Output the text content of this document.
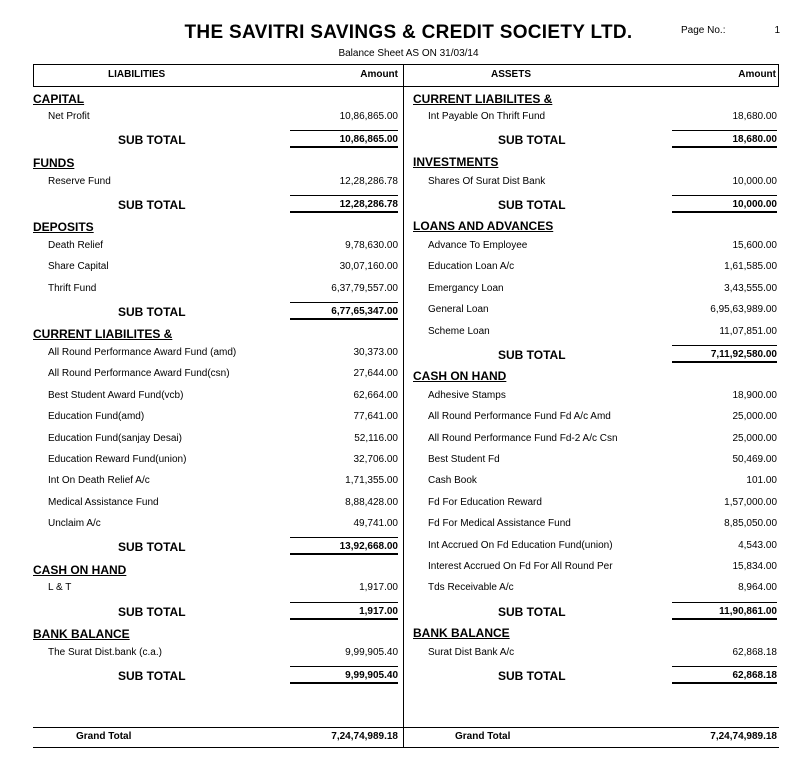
THE SAVITRI SAVINGS & CREDIT SOCIETY LTD.
Balance Sheet AS ON 31/03/14
Page No.:	1
LIABILITIES	Amount	ASSETS	Amount
CAPITAL
Net Profit	10,86,865.00
SUB TOTAL	10,86,865.00
FUNDS
Reserve Fund	12,28,286.78
SUB TOTAL	12,28,286.78
DEPOSITS
Death Relief	9,78,630.00
Share Capital	30,07,160.00
Thrift Fund	6,37,79,557.00
SUB TOTAL	6,77,65,347.00
CURRENT LIABILITES &
All Round Performance Award Fund (amd)	30,373.00
All Round Performance Award Fund(csn)	27,644.00
Best Student Award Fund(vcb)	62,664.00
Education Fund(amd)	77,641.00
Education Fund(sanjay Desai)	52,116.00
Education Reward Fund(union)	32,706.00
Int On Death Relief A/c	1,71,355.00
Medical Assistance Fund	8,88,428.00
Unclaim A/c	49,741.00
SUB TOTAL	13,92,668.00
CASH ON HAND
L & T	1,917.00
SUB TOTAL	1,917.00
BANK BALANCE
The Surat Dist.bank (c.a.)	9,99,905.40
SUB TOTAL	9,99,905.40
CURRENT LIABILITES &
Int Payable On Thrift Fund	18,680.00
SUB TOTAL	18,680.00
INVESTMENTS
Shares Of Surat Dist Bank	10,000.00
SUB TOTAL	10,000.00
LOANS AND ADVANCES
Advance To Employee	15,600.00
Education Loan A/c	1,61,585.00
Emergancy Loan	3,43,555.00
General Loan	6,95,63,989.00
Scheme Loan	11,07,851.00
SUB TOTAL	7,11,92,580.00
CASH ON HAND
Adhesive Stamps	18,900.00
All Round Performance Fund Fd A/c Amd	25,000.00
All Round Performance Fund Fd-2 A/c Csn	25,000.00
Best Student Fd	50,469.00
Cash Book	101.00
Fd For Education Reward	1,57,000.00
Fd For Medical Assistance Fund	8,85,050.00
Int Accrued On Fd Education Fund(union)	4,543.00
Interest Accrued On Fd For All Round Per	15,834.00
Tds Receivable A/c	8,964.00
SUB TOTAL	11,90,861.00
BANK BALANCE
Surat Dist Bank A/c	62,868.18
SUB TOTAL	62,868.18
Grand Total	7,24,74,989.18	Grand Total	7,24,74,989.18
